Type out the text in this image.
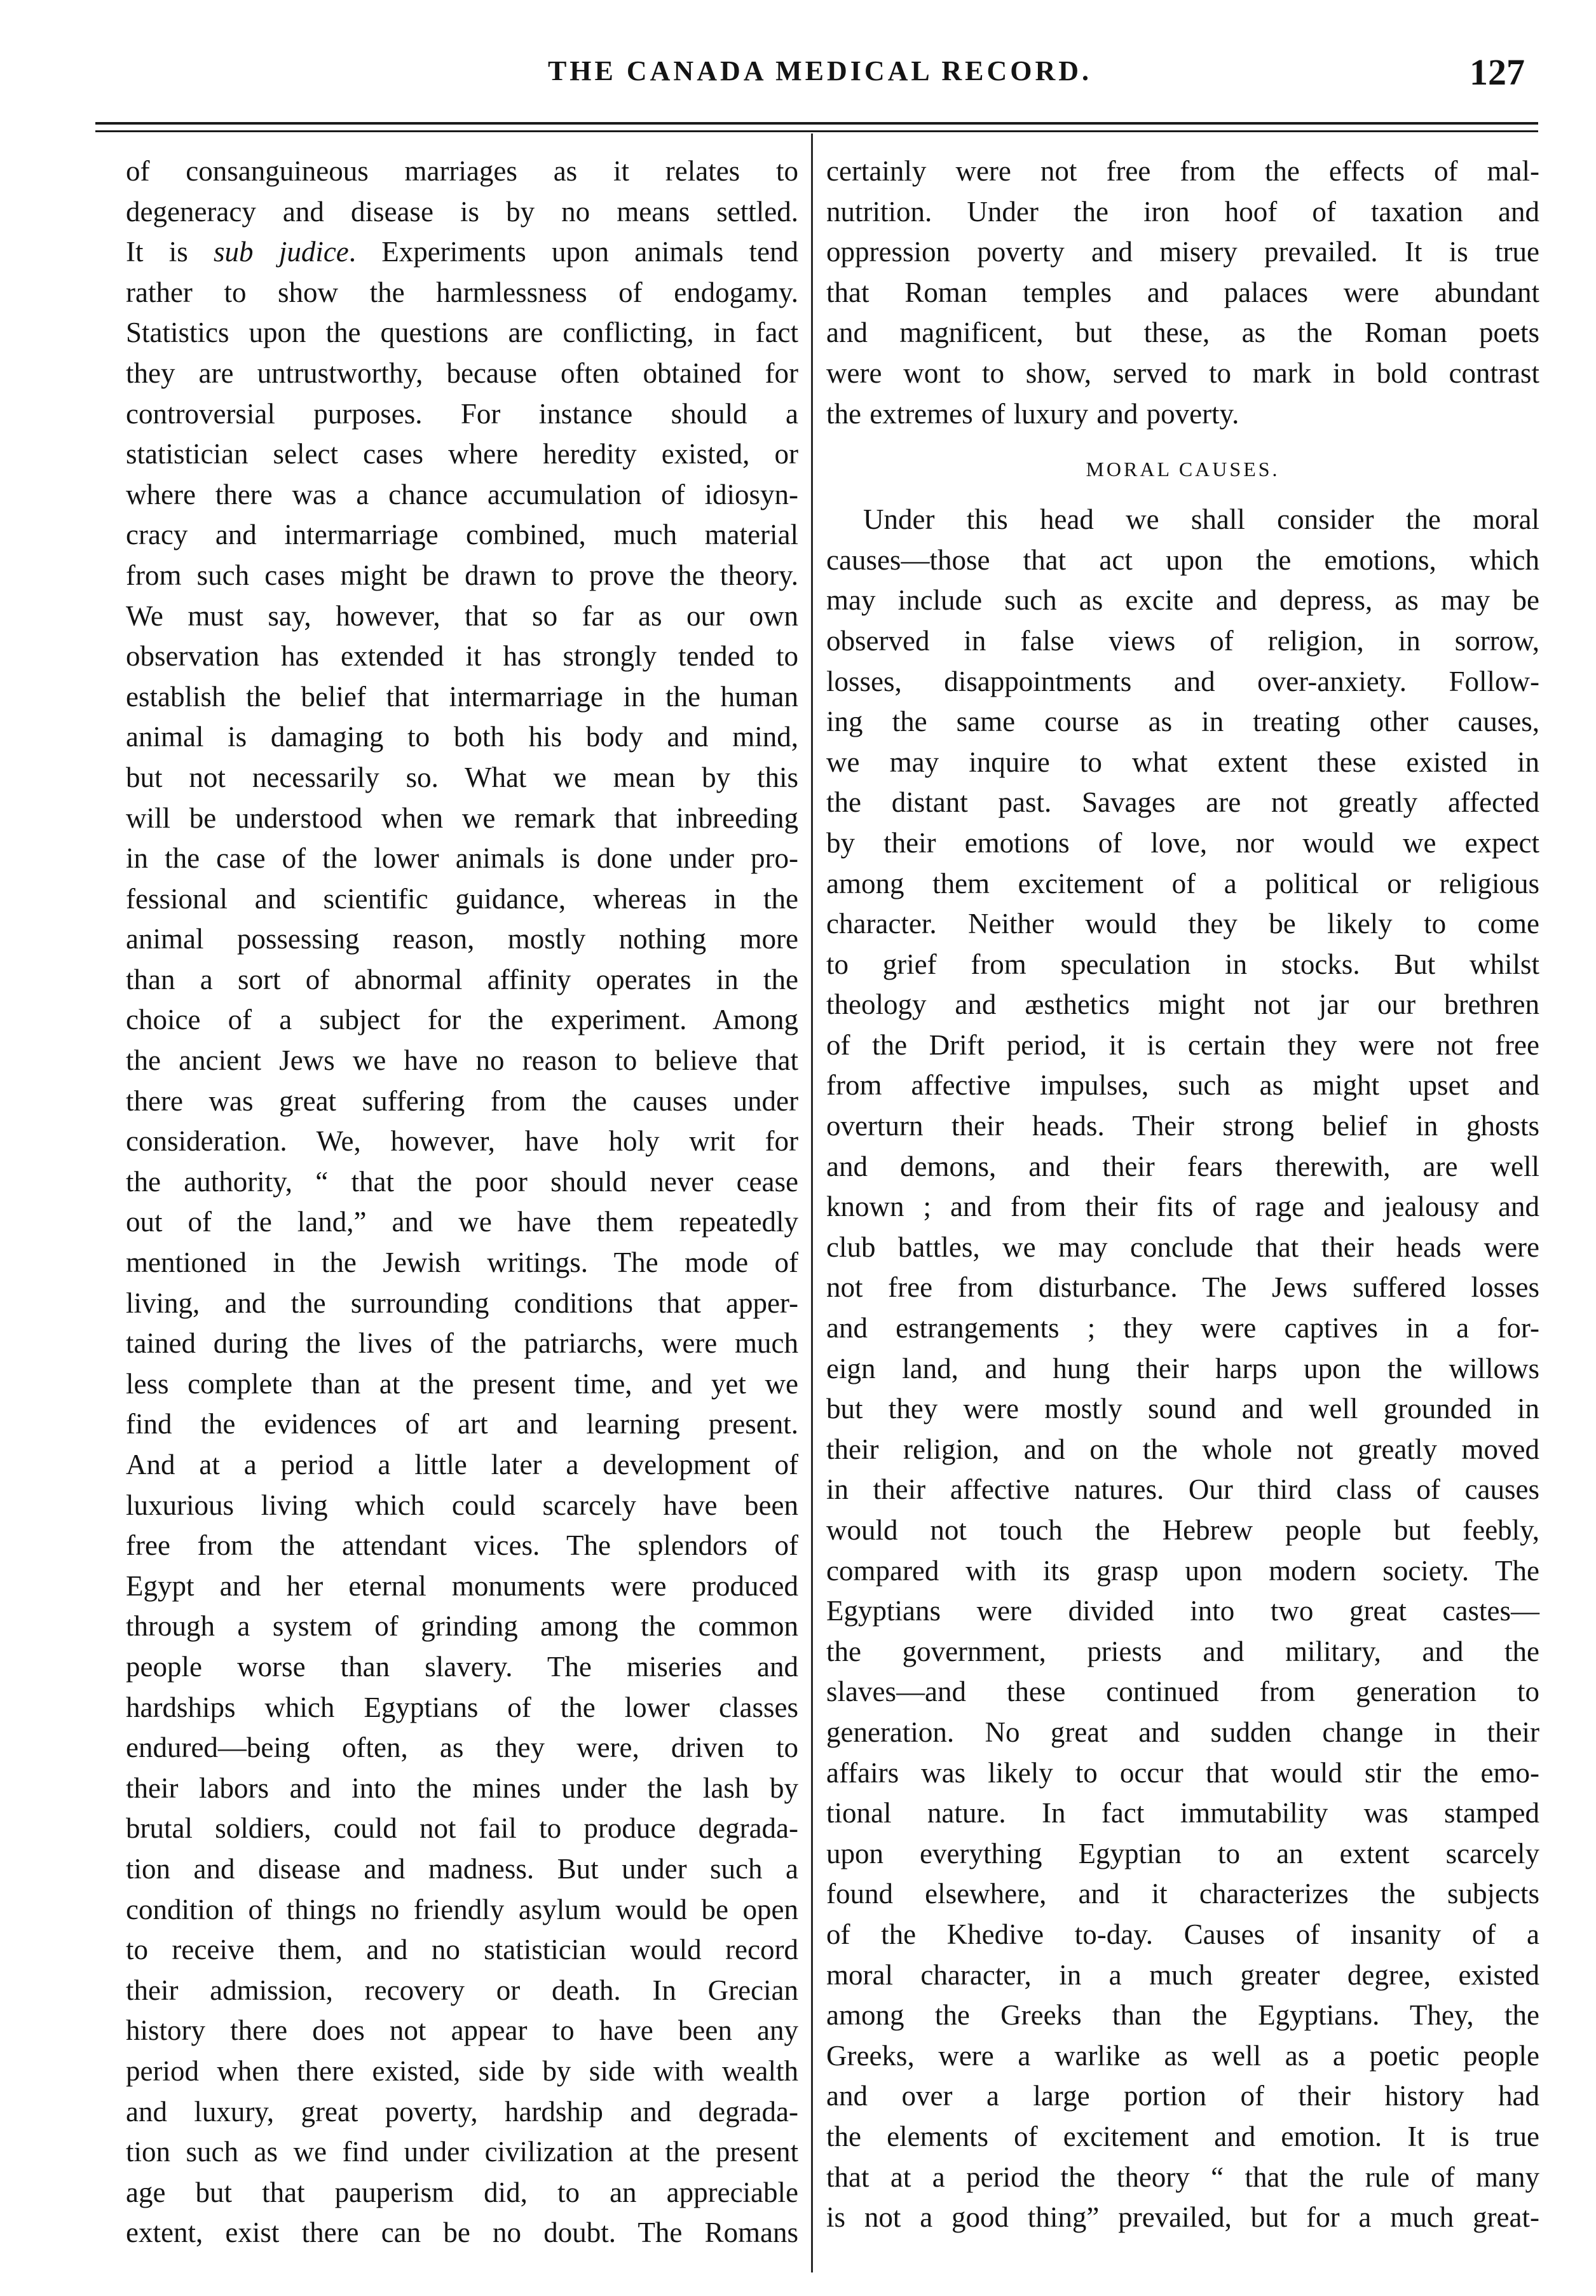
THE CANADA MEDICAL RECORD.	127
of consanguineous marriages as it relates to
degeneracy and disease is by no means settled.
It is sub judice. Experiments upon animals tend
rather to show the harmlessness of endogamy.
Statistics upon the questions are conflicting, in fact
they are untrustworthy, because often obtained for
controversial purposes. For instance should a
statistician select cases where heredity existed, or
where there was a chance accumulation of idiosyn-
cracy and intermarriage combined, much material
from such cases might be drawn to prove the theory.
We must say, however, that so far as our own
observation has extended it has strongly tended to
establish the belief that intermarriage in the human
animal is damaging to both his body and mind,
but not necessarily so. What we mean by this
will be understood when we remark that inbreeding
in the case of the lower animals is done under pro-
fessional and scientific guidance, whereas in the
animal possessing reason, mostly nothing more
than a sort of abnormal affinity operates in the
choice of a subject for the experiment. Among
the ancient Jews we have no reason to believe that
there was great suffering from the causes under
consideration. We, however, have holy writ for
the authority, “ that the poor should never cease
out of the land,” and we have them repeatedly
mentioned in the Jewish writings. The mode of
living, and the surrounding conditions that apper-
tained during the lives of the patriarchs, were much
less complete than at the present time, and yet we
find the evidences of art and learning present.
And at a period a little later a development of
luxurious living which could scarcely have been
free from the attendant vices. The splendors of
Egypt and her eternal monuments were produced
through a system of grinding among the common
people worse than slavery. The miseries and
hardships which Egyptians of the lower classes
endured—being often, as they were, driven to
their labors and into the mines under the lash by
brutal soldiers, could not fail to produce degrada-
tion and disease and madness. But under such a
condition of things no friendly asylum would be open
to receive them, and no statistician would record
their admission, recovery or death. In Grecian
history there does not appear to have been any
period when there existed, side by side with wealth
and luxury, great poverty, hardship and degrada-
tion such as we find under civilization at the present
age but that pauperism did, to an appreciable
extent, exist there can be no doubt. The Romans
certainly were not free from the effects of mal-
nutrition. Under the iron hoof of taxation and
oppression poverty and misery prevailed. It is true
that Roman temples and palaces were abundant
and magnificent, but these, as the Roman poets
were wont to show, served to mark in bold contrast
the extremes of luxury and poverty.
MORAL CAUSES.
Under this head we shall consider the moral
causes—those that act upon the emotions, which
may include such as excite and depress, as may be
observed in false views of religion, in sorrow,
losses, disappointments and over-anxiety. Follow-
ing the same course as in treating other causes,
we may inquire to what extent these existed in
the distant past. Savages are not greatly affected
by their emotions of love, nor would we expect
among them excitement of a political or religious
character. Neither would they be likely to come
to grief from speculation in stocks. But whilst
theology and æsthetics might not jar our brethren
of the Drift period, it is certain they were not free
from affective impulses, such as might upset and
overturn their heads. Their strong belief in ghosts
and demons, and their fears therewith, are well
known ; and from their fits of rage and jealousy and
club battles, we may conclude that their heads were
not free from disturbance. The Jews suffered losses
and estrangements ; they were captives in a for-
eign land, and hung their harps upon the willows
but they were mostly sound and well grounded in
their religion, and on the whole not greatly moved
in their affective natures. Our third class of causes
would not touch the Hebrew people but feebly,
compared with its grasp upon modern society. The
Egyptians were divided into two great castes—
the government, priests and military, and the
slaves—and these continued from generation to
generation. No great and sudden change in their
affairs was likely to occur that would stir the emo-
tional nature. In fact immutability was stamped
upon everything Egyptian to an extent scarcely
found elsewhere, and it characterizes the subjects
of the Khedive to-day. Causes of insanity of a
moral character, in a much greater degree, existed
among the Greeks than the Egyptians. They, the
Greeks, were a warlike as well as a poetic people
and over a large portion of their history had
the elements of excitement and emotion. It is true
that at a period the theory “ that the rule of many
is not a good thing” prevailed, but for a much great-
